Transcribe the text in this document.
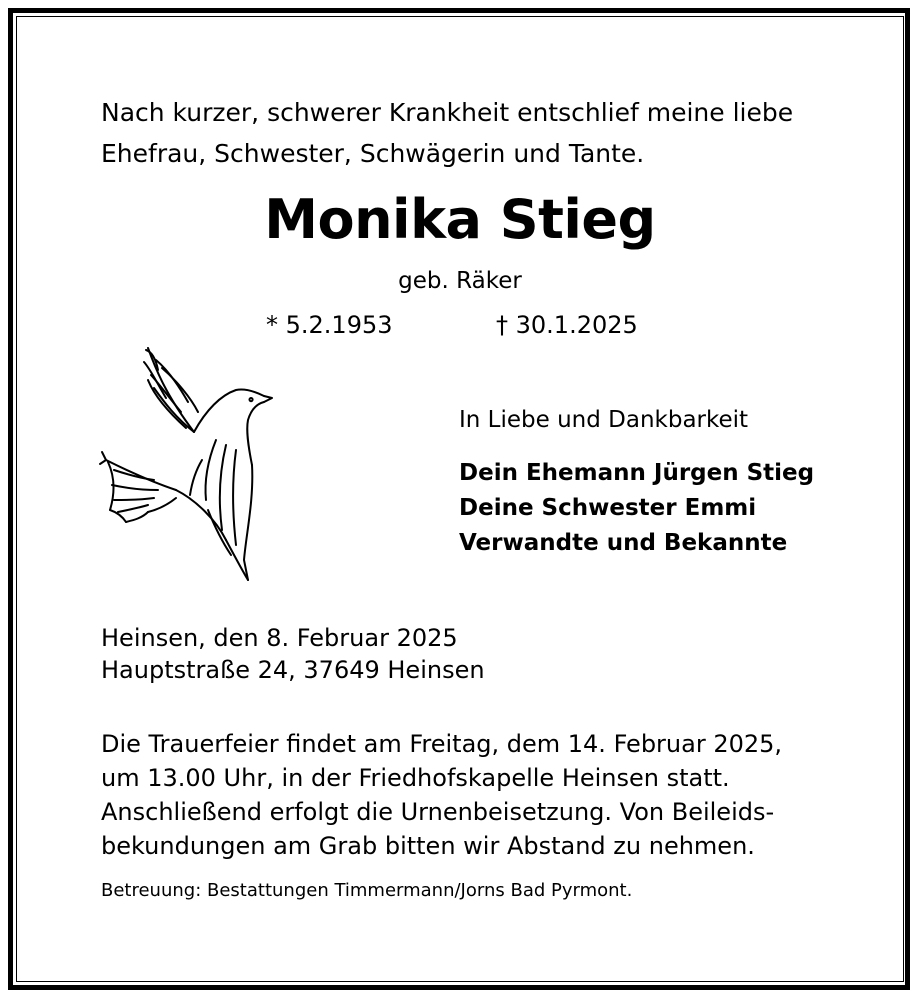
Nach kurzer, schwerer Krankheit entschlief meine liebe
Ehefrau, Schwester, Schwägerin und Tante.
Monika Stieg
geb. Räker
* 5.2.1953	† 30.1.2025
In Liebe und Dankbarkeit
Dein Ehemann Jürgen Stieg
Deine Schwester Emmi
Verwandte und Bekannte
Heinsen, den 8. Februar 2025
Hauptstraße 24, 37649 Heinsen
Die Trauerfeier findet am Freitag, dem 14. Februar 2025,
um 13.00 Uhr, in der Friedhofskapelle Heinsen statt.
Anschließend erfolgt die Urnenbeisetzung. Von Beileids-
bekundungen am Grab bitten wir Abstand zu nehmen.
Betreuung: Bestattungen Timmermann/Jorns Bad Pyrmont.
